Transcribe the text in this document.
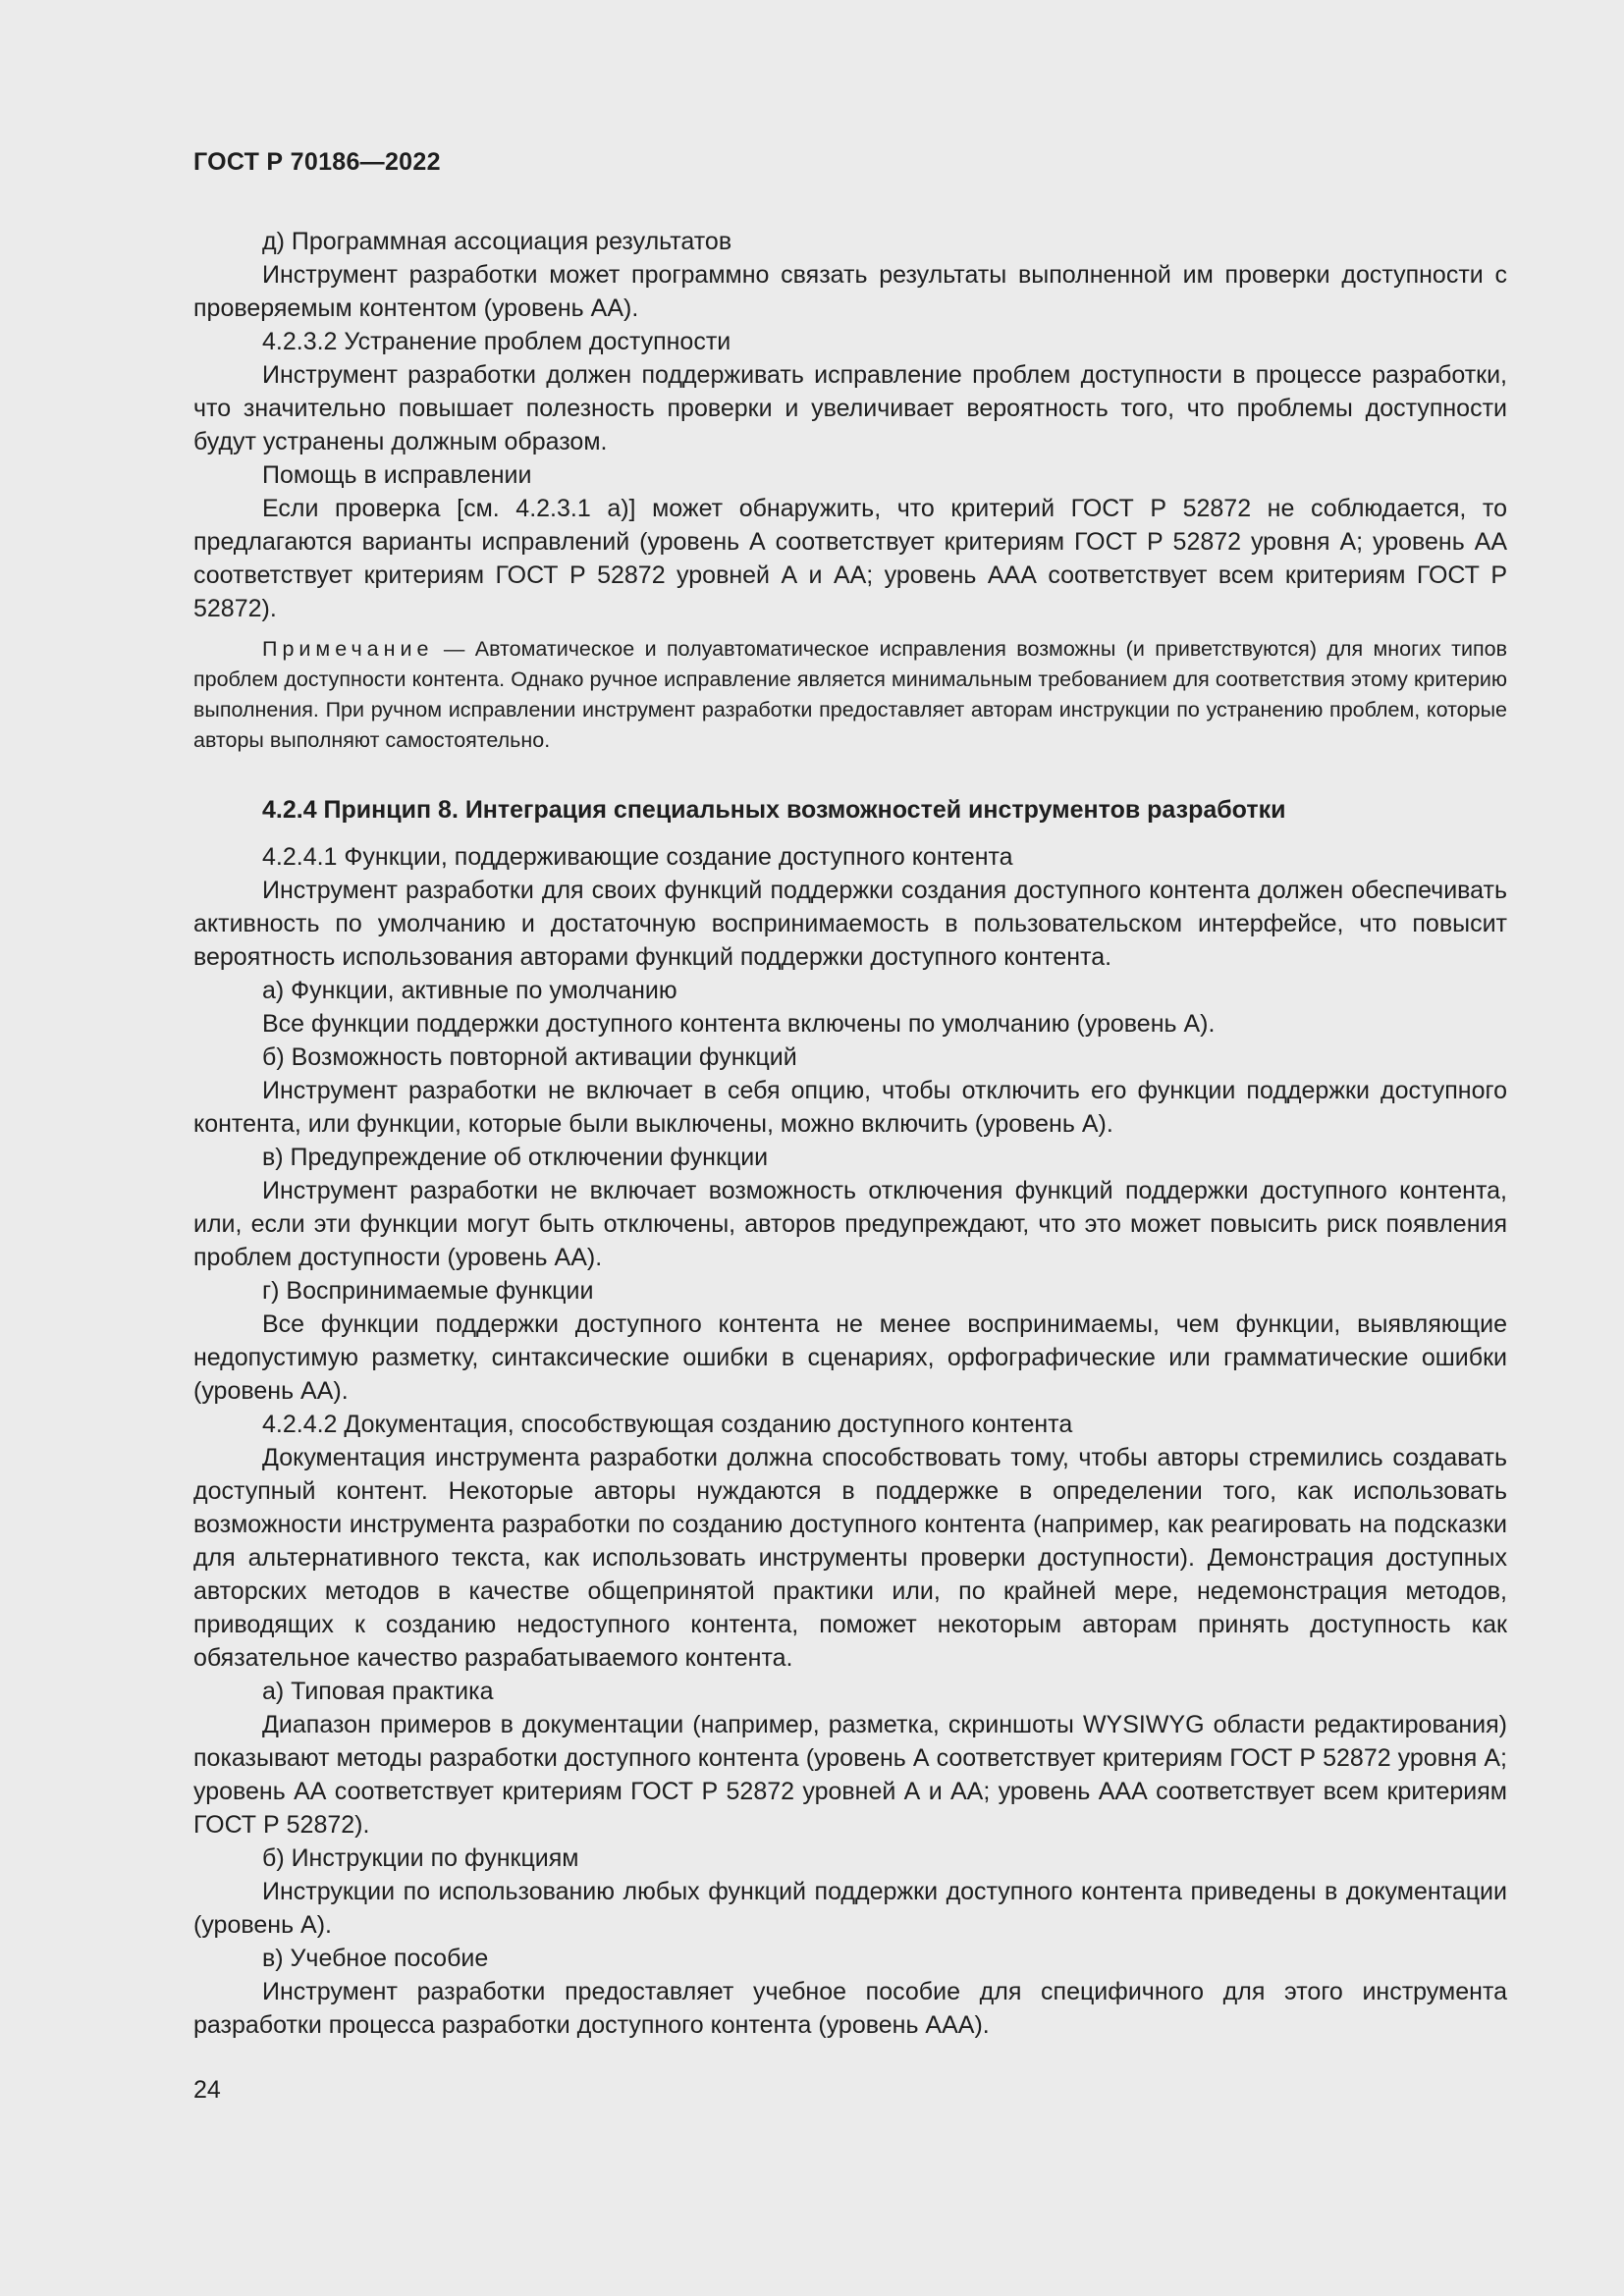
ГОСТ Р 70186—2022

д) Программная ассоциация результатов

Инструмент разработки может программно связать результаты выполненной им проверки доступности с проверяемым контентом (уровень АА).

4.2.3.2 Устранение проблем доступности

Инструмент разработки должен поддерживать исправление проблем доступности в процессе разработки, что значительно повышает полезность проверки и увеличивает вероятность того, что проблемы доступности будут устранены должным образом.

Помощь в исправлении

Если проверка [см. 4.2.3.1 а)] может обнаружить, что критерий ГОСТ Р 52872 не соблюдается, то предлагаются варианты исправлений (уровень А соответствует критериям ГОСТ Р 52872 уровня А; уровень АА соответствует критериям ГОСТ Р 52872 уровней А и АА; уровень ААА соответствует всем критериям ГОСТ Р 52872).

Примечание — Автоматическое и полуавтоматическое исправления возможны (и приветствуются) для многих типов проблем доступности контента. Однако ручное исправление является минимальным требованием для соответствия этому критерию выполнения. При ручном исправлении инструмент разработки предоставляет авторам инструкции по устранению проблем, которые авторы выполняют самостоятельно.

4.2.4 Принцип 8. Интеграция специальных возможностей инструментов разработки

4.2.4.1 Функции, поддерживающие создание доступного контента

Инструмент разработки для своих функций поддержки создания доступного контента должен обеспечивать активность по умолчанию и достаточную воспринимаемость в пользовательском интерфейсе, что повысит вероятность использования авторами функций поддержки доступного контента.

а) Функции, активные по умолчанию

Все функции поддержки доступного контента включены по умолчанию (уровень А).

б) Возможность повторной активации функций

Инструмент разработки не включает в себя опцию, чтобы отключить его функции поддержки доступного контента, или функции, которые были выключены, можно включить (уровень А).

в) Предупреждение об отключении функции

Инструмент разработки не включает возможность отключения функций поддержки доступного контента, или, если эти функции могут быть отключены, авторов предупреждают, что это может повысить риск появления проблем доступности (уровень АА).

г) Воспринимаемые функции

Все функции поддержки доступного контента не менее воспринимаемы, чем функции, выявляющие недопустимую разметку, синтаксические ошибки в сценариях, орфографические или грамматические ошибки (уровень АА).

4.2.4.2 Документация, способствующая созданию доступного контента

Документация инструмента разработки должна способствовать тому, чтобы авторы стремились создавать доступный контент. Некоторые авторы нуждаются в поддержке в определении того, как использовать возможности инструмента разработки по созданию доступного контента (например, как реагировать на подсказки для альтернативного текста, как использовать инструменты проверки доступности). Демонстрация доступных авторских методов в качестве общепринятой практики или, по крайней мере, недемонстрация методов, приводящих к созданию недоступного контента, поможет некоторым авторам принять доступность как обязательное качество разрабатываемого контента.

а) Типовая практика

Диапазон примеров в документации (например, разметка, скриншоты WYSIWYG области редактирования) показывают методы разработки доступного контента (уровень А соответствует критериям ГОСТ Р 52872 уровня А; уровень АА соответствует критериям ГОСТ Р 52872 уровней А и АА; уровень ААА соответствует всем критериям ГОСТ Р 52872).

б) Инструкции по функциям

Инструкции по использованию любых функций поддержки доступного контента приведены в документации (уровень А).

в) Учебное пособие

Инструмент разработки предоставляет учебное пособие для специфичного для этого инструмента разработки процесса разработки доступного контента (уровень ААА).

24
